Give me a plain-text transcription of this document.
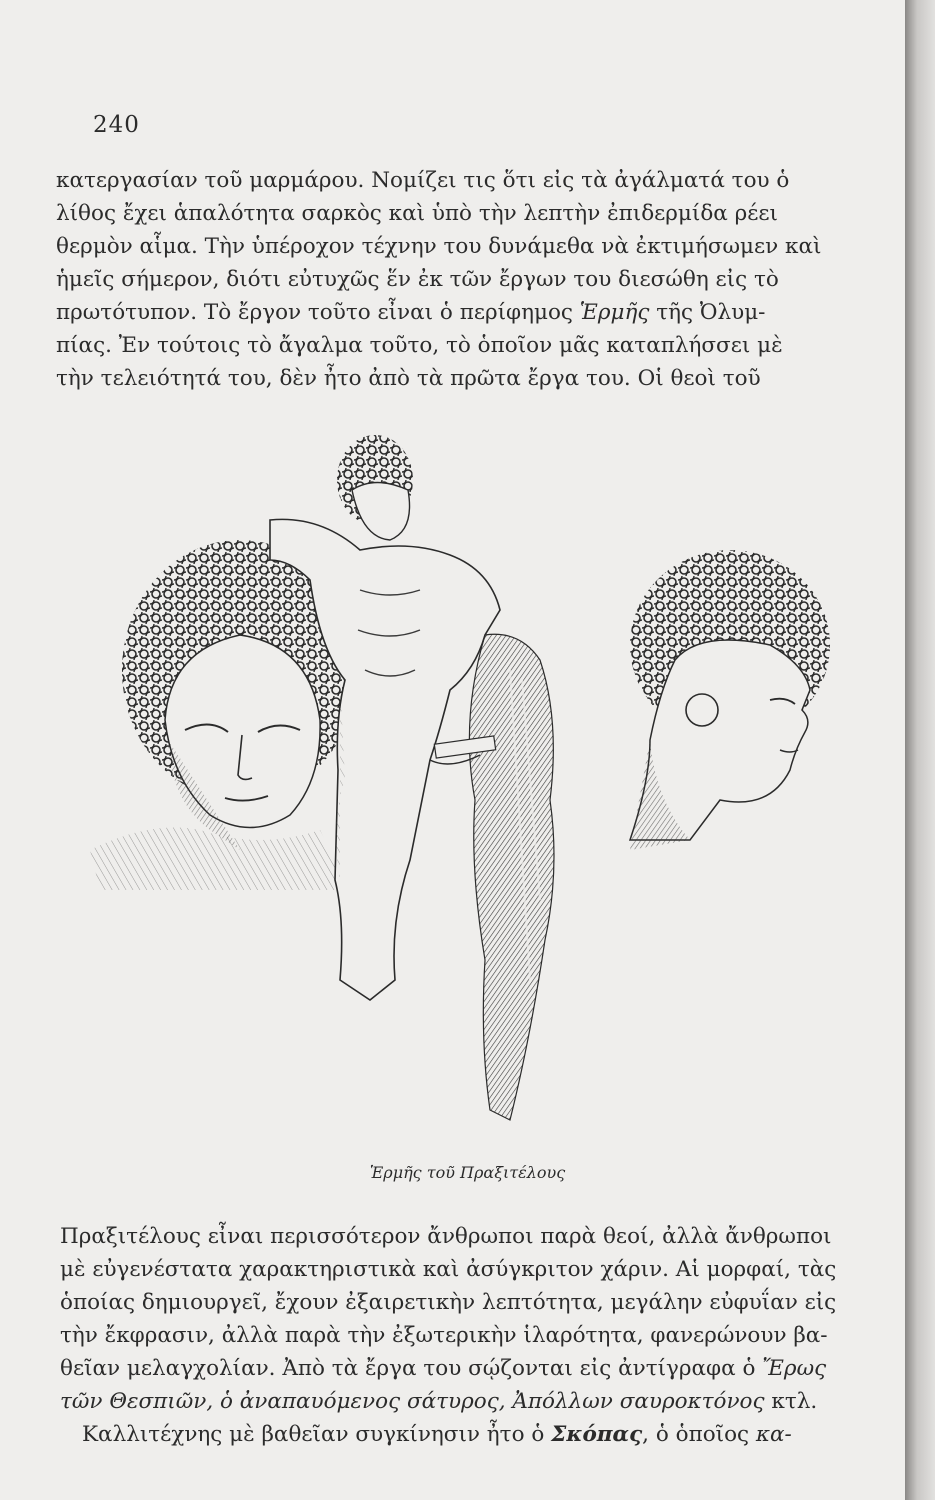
240

κατεργασίαν τοῦ μαρμάρου. Νομίζει τις ὅτι εἰς τὰ ἀγάλματά του ὁ

λίθος ἔχει ἁπαλότητα σαρκὸς καὶ ὑπὸ τὴν λεπτὴν ἐπιδερμίδα ρέει

θερμὸν αἷμα. Τὴν ὑπέροχον τέχνην του δυνάμεθα νὰ ἐκτιμήσωμεν καὶ

ἡμεῖς σήμερον, διότι εὐτυχῶς ἕν ἐκ τῶν ἔργων του διεσώθη εἰς τὸ

πρωτότυπον. Τὸ ἔργον τοῦτο εἶναι ὁ περίφημος Ἑρμῆς τῆς Ὀλυμ-

πίας. Ἐν τούτοις τὸ ἄγαλμα τοῦτο, τὸ ὁποῖον μᾶς καταπλήσσει μὲ

τὴν τελειότητά του, δὲν ἦτο ἀπὸ τὰ πρῶτα ἔργα του. Οἱ θεοὶ τοῦ

Ἑρμῆς τοῦ Πραξιτέλους

Πραξιτέλους εἶναι περισσότερον ἄνθρωποι παρὰ θεοί, ἀλλὰ ἄνθρωποι

μὲ εὐγενέστατα χαρακτηριστικὰ καὶ ἀσύγκριτον χάριν. Αἱ μορφαί, τὰς

ὁποίας δημιουργεῖ, ἔχουν ἐξαιρετικὴν λεπτότητα, μεγάλην εὐφυΐαν εἰς

τὴν ἔκφρασιν, ἀλλὰ παρὰ τὴν ἐξωτερικὴν ἱλαρότητα, φανερώνουν βα-

θεῖαν μελαγχολίαν. Ἀπὸ τὰ ἔργα του σῴζονται εἰς ἀντίγραφα ὁ Ἔρως

τῶν Θεσπιῶν, ὁ ἀναπαυόμενος σάτυρος, Ἀπόλλων σαυροκτόνος κτλ.

Καλλιτέχνης μὲ βαθεῖαν συγκίνησιν ἦτο ὁ Σκόπας, ὁ ὁποῖος κα-
